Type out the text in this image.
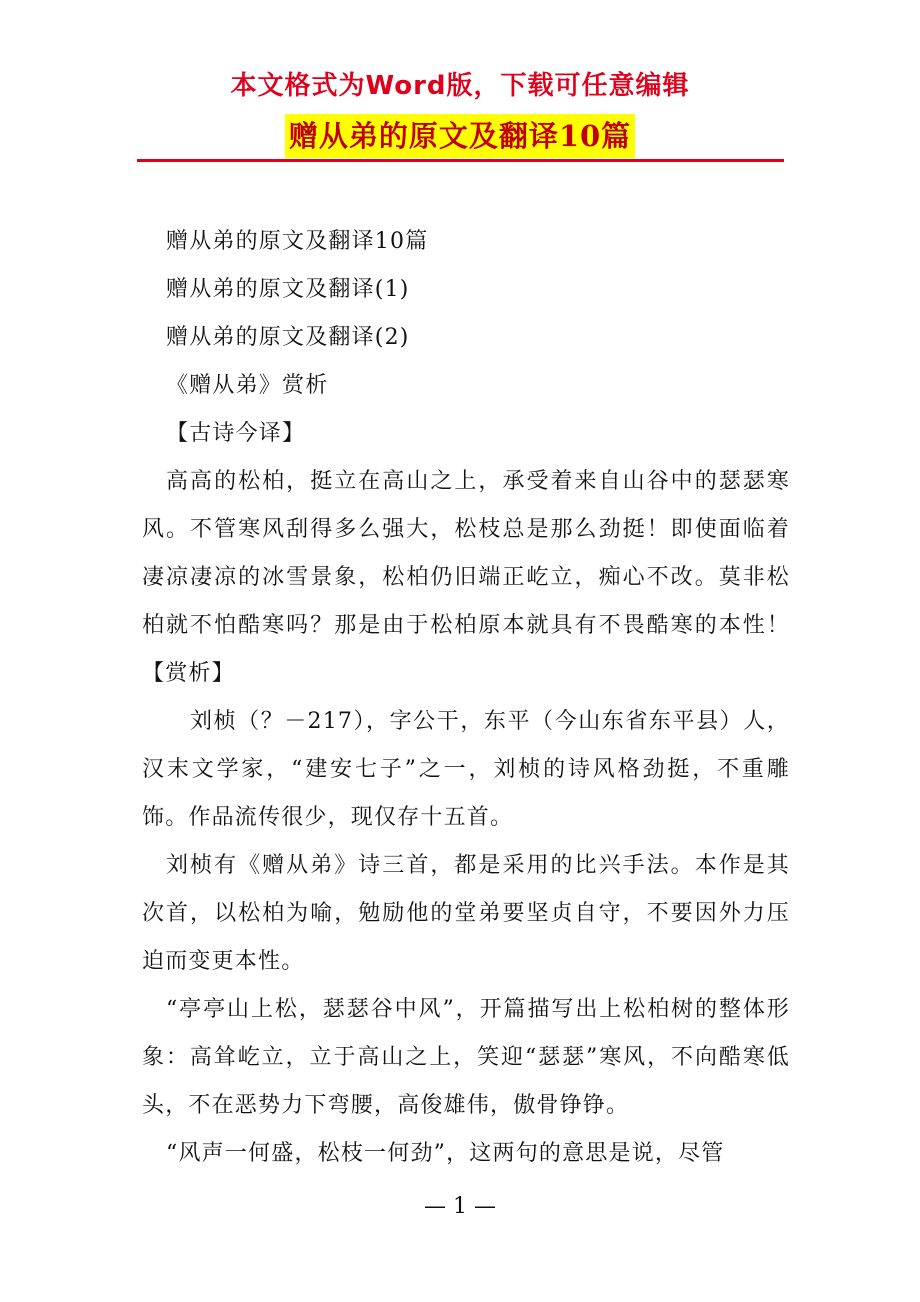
本文格式为Word版，下载可任意编辑
赠从弟的原文及翻译10篇

赠从弟的原文及翻译10篇

赠从弟的原文及翻译(1)

赠从弟的原文及翻译(2)

《赠从弟》赏析

【古诗今译】

高高的松柏，挺立在高山之上，承受着来自山谷中的瑟瑟寒风。不管寒风刮得多么强大，松枝总是那么劲挺！即使面临着凄凉凄凉的冰雪景象，松柏仍旧端正屹立，痴心不改。莫非松柏就不怕酷寒吗？那是由于松柏原本就具有不畏酷寒的本性！　　　【赏析】

刘桢（？－217），字公干，东平（今山东省东平县）人，汉末文学家，“建安七子”之一，刘桢的诗风格劲挺，不重雕饰。作品流传很少，现仅存十五首。

刘桢有《赠从弟》诗三首，都是采用的比兴手法。本作是其次首，以松柏为喻，勉励他的堂弟要坚贞自守，不要因外力压迫而变更本性。

“亭亭山上松，瑟瑟谷中风”，开篇描写出上松柏树的整体形象：高耸屹立，立于高山之上，笑迎“瑟瑟”寒风，不向酷寒低头，不在恶势力下弯腰，高俊雄伟，傲骨铮铮。

“风声一何盛，松枝一何劲”，这两句的意思是说，尽管

— 1 —
